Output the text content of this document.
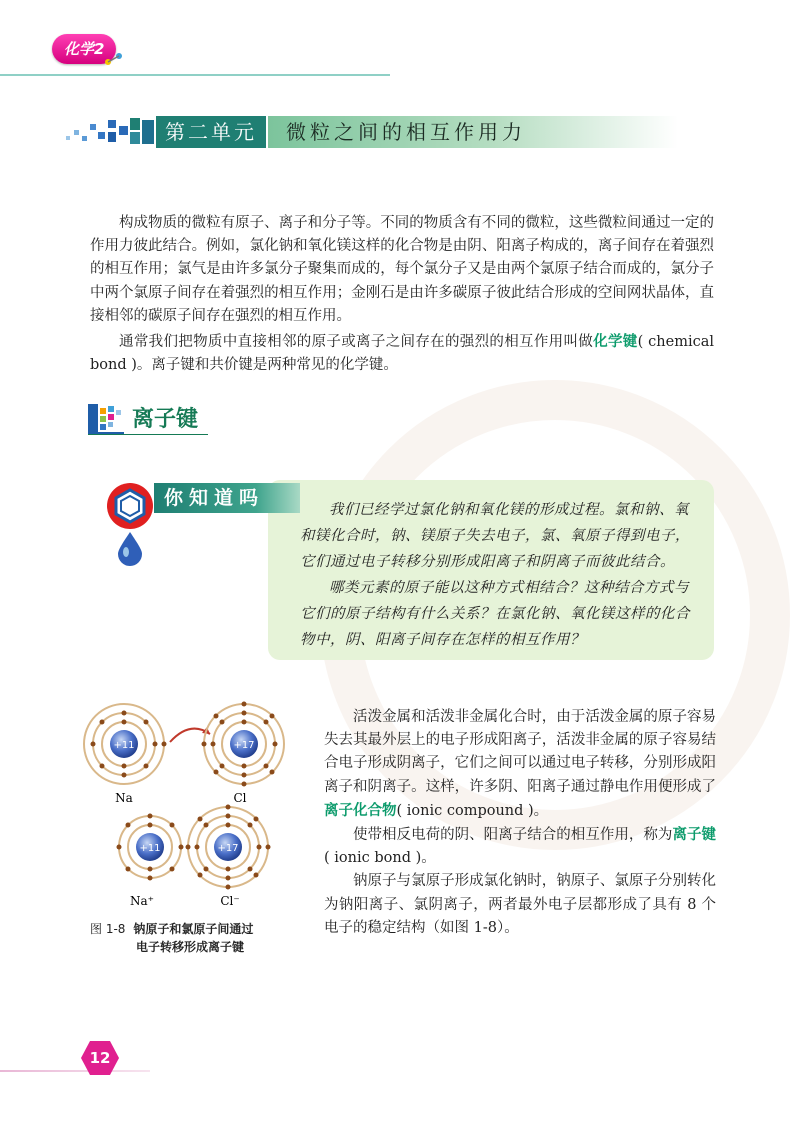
化学2
第二单元	微粒之间的相互作用力

构成物质的微粒有原子、离子和分子等。不同的物质含有不同的微粒，这些微粒间通过一定的作用力彼此结合。例如，氯化钠和氧化镁这样的化合物是由阴、阳离子构成的，离子间存在着强烈的相互作用；氯气是由许多氯分子聚集而成的，每个氯分子又是由两个氯原子结合而成的，氯分子中两个氯原子间存在着强烈的相互作用；金刚石是由许多碳原子彼此结合形成的空间网状晶体，直接相邻的碳原子间存在强烈的相互作用。

通常我们把物质中直接相邻的原子或离子之间存在的强烈的相互作用叫做化学键( chemical bond )。离子键和共价键是两种常见的化学键。

离子键
你知道吗
我们已经学过氯化钠和氧化镁的形成过程。氯和钠、氧和镁化合时，钠、镁原子失去电子，氯、氧原子得到电子，它们通过电子转移分别形成阳离子和阴离子而彼此结合。
哪类元素的原子能以这种方式相结合？这种结合方式与它们的原子结构有什么关系？在氯化钠、氧化镁这样的化合物中，阴、阳离子间存在怎样的相互作用？
+11	+17
Na	Cl
+11	+17
Na⁺	Cl⁻
图 1-8 钠原子和氯原子间通过
电子转移形成离子键

活泼金属和活泼非金属化合时，由于活泼金属的原子容易失去其最外层上的电子形成阳离子，活泼非金属的原子容易结合电子形成阴离子，它们之间可以通过电子转移，分别形成阳离子和阴离子。这样，许多阴、阳离子通过静电作用便形成了离子化合物( ionic compound )。

使带相反电荷的阴、阳离子结合的相互作用，称为离子键( ionic bond )。

钠原子与氯原子形成氯化钠时，钠原子、氯原子分别转化为钠阳离子、氯阴离子，两者最外电子层都形成了具有 8 个电子的稳定结构（如图 1-8）。

12
